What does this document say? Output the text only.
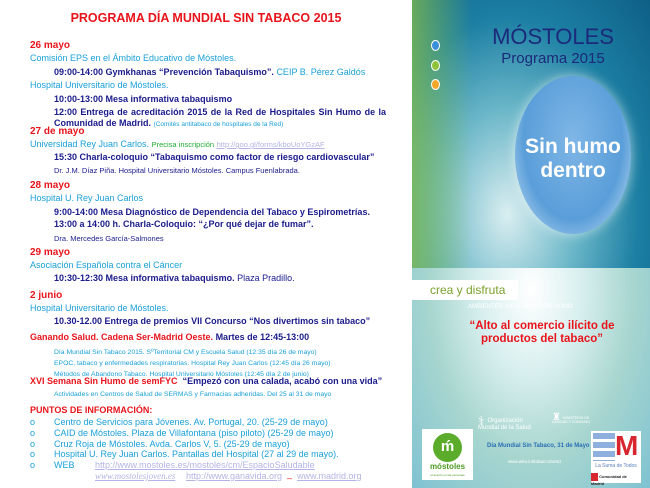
PROGRAMA DÍA MUNDIAL SIN TABACO 2015
26 mayo
Comisión EPS en el Ámbito Educativo de Móstoles.
09:00-14:00 Gymkhanas “Prevención Tabaquismo”. CEIP B. Pérez Galdós
Hospital Universitario de Móstoles.
10:00-13:00 Mesa informativa tabaquismo
12:00 Entrega de acreditación 2015 de la Red de Hospitales Sin Humo de la
Comunidad de Madrid. (Comités antitabaco de hospitales de la Red)
27 de mayo
Universidad Rey Juan Carlos. Precisa inscripción http://goo.gl/forms/kboUoYGzAF
15:30 Charla-coloquio “Tabaquismo como factor de riesgo cardiovascular”
Dr. J.M. Díaz Piña. Hospital Universitario Móstoles. Campus Fuenlabrada.
28 mayo
Hospital U. Rey Juan Carlos
9:00-14:00 Mesa Diagnóstico de Dependencia del Tabaco y Espirometrías.
13:00 a 14:00 h. Charla-Coloquio: “¿Por qué dejar de fumar”.
Dra. Mercedes García-Salmones
29 mayo
Asociación Española contra el Cáncer
10:30-12:30 Mesa informativa tabaquismo. Plaza Pradillo.
2 junio
Hospital Universitario de Móstoles.
10.30-12.00 Entrega de premios VII Concurso “Nos divertimos sin tabaco”
Ganando Salud. Cadena Ser-Madrid Oeste. Martes de 12:45-13:00
Día Mundial Sin Tabaco 2015. SºTerritorial CM y Escuela Salud (12:35 día 26 de mayo)
EPOC, tabaco y enfermedades respiratorias. Hospital Rey Juan Carlos (12:45 día 26 mayo)
Métodos de Abandono Tabaco. Hospital Universitario Móstoles (12:45 día 2 de junio)
XVI Semana Sin Humo de semFYC “Empezó con una calada, acabó con una vida”
Actividades en Centros de Salud de SERMAS y Farmacias adheridas. Del 25 al 31 de mayo
PUNTOS DE INFORMACIÓN:
o Centro de Servicios para Jóvenes. Av. Portugal, 20. (25-29 de mayo)
o CAID de Móstoles. Plaza de Villafontana (piso piloto) (25-29 de mayo)
o Cruz Roja de Móstoles. Avda. Carlos V, 5. (25-29 de mayo)
o Hospital U. Rey Juan Carlos. Pantallas del Hospital (27 al 29 de mayo).
o WEB http://www.mostoles.es/mostoles/cm/EspacioSaludable
www.mostolesjoven.es http://www.ganavida.org _ www.madrid.org
MÓSTOLES
Programa 2015
Sin humo
dentro
crea y disfruta
AMBIENTES 100% LIBRES DE HUMO
“Alto al comercio ilícito de
productos del tabaco”
⚕ Organización
Mundial de la Salud
♜ MINISTERIO DE SANIDAD Y CONSUMO
Día Mundial Sin Tabaco, 31 de Mayo
www.who.int/tobacco/wntd
ḿ
móstoles
el acento en las personas
M
La Suma de Todos
Comunidad de Madrid
